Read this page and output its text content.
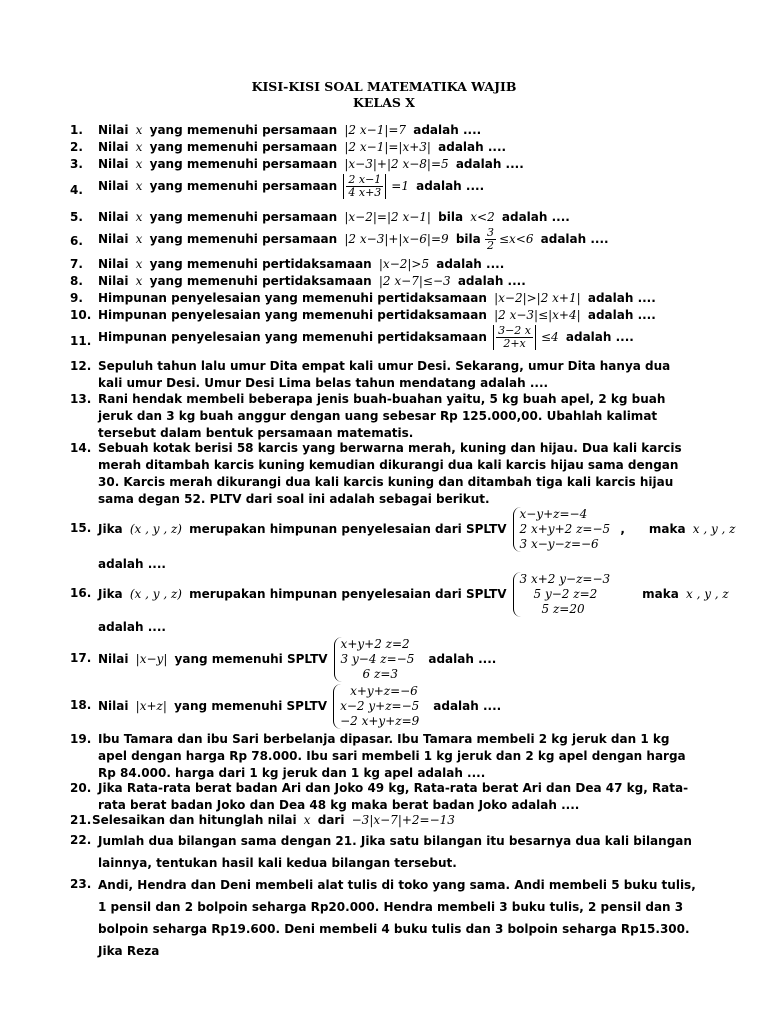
KISI-KISI SOAL MATEMATIKA WAJIB
KELAS X
1.	Nilai x yang memenuhi persamaan |2 x−1|=7 adalah ....
2.	Nilai x yang memenuhi persamaan |2 x−1|=|x+3| adalah ....
3.	Nilai x yang memenuhi persamaan |x−3|+|2 x−8|=5 adalah ....
4.	Nilai x yang memenuhi persamaan $\frac{2 x-1}{4 x+3} =1$ adalah ....
5.	Nilai x yang memenuhi persamaan |x−2|=|2 x−1| bila x<2 adalah ....
6.	Nilai x yang memenuhi persamaan |2 x−3|+|x−6|=9 bila $\frac{3}{2} \le x<6$ adalah ....
7.	Nilai x yang memenuhi pertidaksamaan |x−2|>5 adalah ....
8.	Nilai x yang memenuhi pertidaksamaan |2 x−7|≤−3 adalah ....
9.	Himpunan penyelesaian yang memenuhi pertidaksamaan |x−2|>|2 x+1| adalah ....
10. Himpunan penyelesaian yang memenuhi pertidaksamaan |2 x−3|≤|x+4| adalah ....
11. Himpunan penyelesaian yang memenuhi pertidaksamaan $\frac{3-2 x}{2+x} \le 4$ adalah ....
12. Sepuluh tahun lalu umur Dita empat kali umur Desi. Sekarang, umur Dita hanya dua kali umur Desi. Umur Desi Lima belas tahun mendatang adalah ....
13. Rani hendak membeli beberapa jenis buah-buahan yaitu, 5 kg buah apel, 2 kg buah jeruk dan 3 kg buah anggur dengan uang sebesar Rp 125.000,00. Ubahlah kalimat tersebut dalam bentuk persamaan matematis.
14. Sebuah kotak berisi 58 karcis yang berwarna merah, kuning dan hijau. Dua kali karcis merah ditambah karcis kuning kemudian dikurangi dua kali karcis hijau sama dengan 30. Karcis merah dikurangi dua kali karcis kuning dan ditambah tiga kali karcis hijau sama degan 52. PLTV dari soal ini adalah sebagai berikut.
15. Jika (x , y , z) merupakan himpunan penyelesaian dari SPLTV
x−y+z=−4
2 x+y+2 z=−5
3 x−y−z=−6
, maka x , y , z
adalah ....
16. Jika (x , y , z) merupakan himpunan penyelesaian dari SPLTV
3 x+2 y−z=−3
5 y−2 z=2
5 z=20
maka x , y , z
adalah ....
17. Nilai |x−y| yang memenuhi SPLTV
x+y+2 z=2
3 y−4 z=−5
6 z=3
adalah ....
18. Nilai |x+z| yang memenuhi SPLTV
x+y+z=−6
x−2 y+z=−5
−2 x+y+z=9
adalah ....
19. Ibu Tamara dan ibu Sari berbelanja dipasar. Ibu Tamara membeli 2 kg jeruk dan 1 kg apel dengan harga Rp 78.000. Ibu sari membeli 1 kg jeruk dan 2 kg apel dengan harga Rp 84.000. harga dari 1 kg jeruk dan 1 kg apel adalah ....
20. Jika Rata-rata berat badan Ari dan Joko 49 kg, Rata-rata berat Ari dan Dea 47 kg, Rata-rata berat badan Joko dan Dea 48 kg maka berat badan Joko adalah ....
21. Selesaikan dan hitunglah nilai x dari −3|x−7|+2=−13
22. Jumlah dua bilangan sama dengan 21. Jika satu bilangan itu besarnya dua kali bilangan lainnya, tentukan hasil kali kedua bilangan tersebut.
23. Andi, Hendra dan Deni membeli alat tulis di toko yang sama. Andi membeli 5 buku tulis, 1 pensil dan 2 bolpoin seharga Rp20.000. Hendra membeli 3 buku tulis, 2 pensil dan 3 bolpoin seharga Rp19.600. Deni membeli 4 buku tulis dan 3 bolpoin seharga Rp15.300. Jika Reza
